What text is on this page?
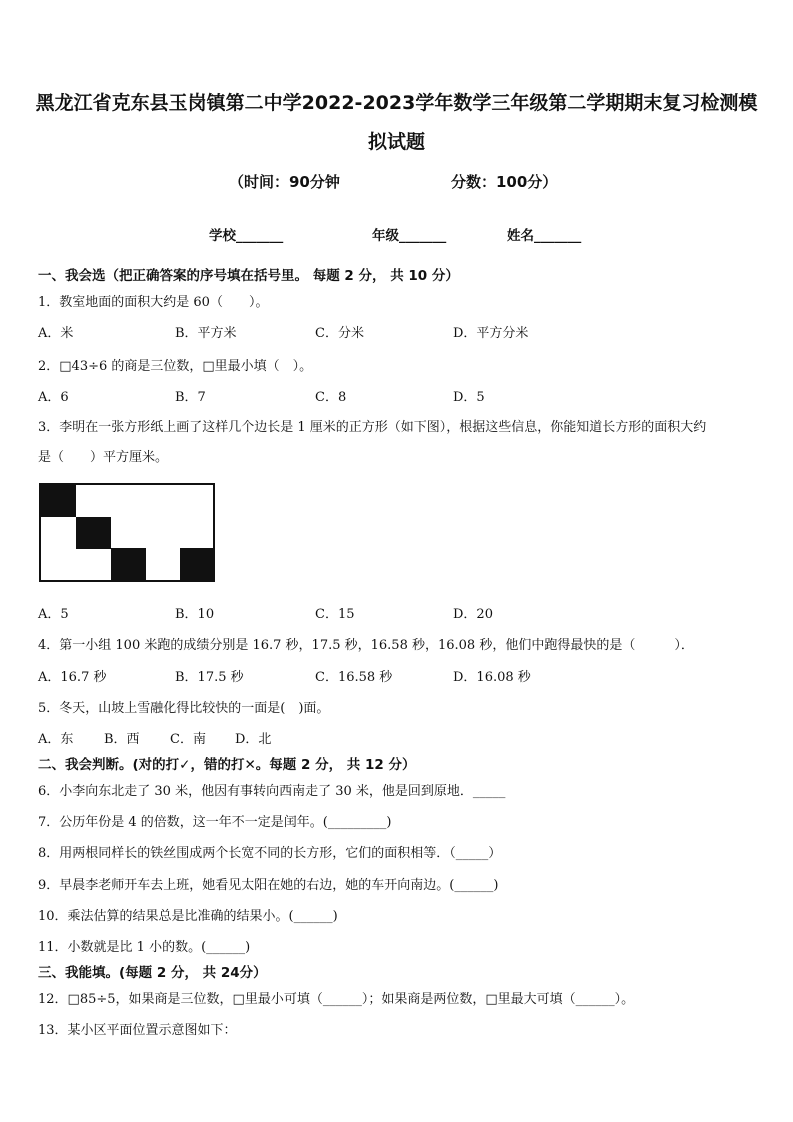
黑龙江省克东县玉岗镇第二中学2022-2023学年数学三年级第二学期期末复习检测模
拟试题
（时间：90分钟	分数：100分）
学校_______	年级_______	姓名_______
一、我会选（把正确答案的序号填在括号里。 每题 2 分， 共 10 分）
1．教室地面的面积大约是 60（　　）。
A．米	B．平方米	C．分米	D．平方分米
2．□43÷6 的商是三位数，□里最小填（　）。
A．6	B．7	C．8	D．5
3．李明在一张方形纸上画了这样几个边长是 1 厘米的正方形（如下图），根据这些信息，你能知道长方形的面积大约
是（　　）平方厘米。
A．5	B．10	C．15	D．20
4．第一小组 100 米跑的成绩分别是 16.7 秒，17.5 秒，16.58 秒，16.08 秒，他们中跑得最快的是（　　　）．
A．16.7 秒	B．17.5 秒	C．16.58 秒	D．16.08 秒
5．冬天，山坡上雪融化得比较快的一面是(　)面。
A．东 B．西 C．南 D．北
二、我会判断。(对的打✓，错的打✕。每题 2 分， 共 12 分）
6．小李向东北走了 30 米，他因有事转向西南走了 30 米，他是回到原地．_____
7．公历年份是 4 的倍数，这一年不一定是闰年。(_________)
8．用两根同样长的铁丝围成两个长宽不同的长方形，它们的面积相等．（_____）
9．早晨李老师开车去上班，她看见太阳在她的右边，她的车开向南边。(______)
10．乘法估算的结果总是比准确的结果小。(______)
11．小数就是比 1 小的数。(______)
三、我能填。(每题 2 分， 共 24分）
12．□85÷5，如果商是三位数，□里最小可填（______）；如果商是两位数，□里最大可填（______）。
13．某小区平面位置示意图如下：
